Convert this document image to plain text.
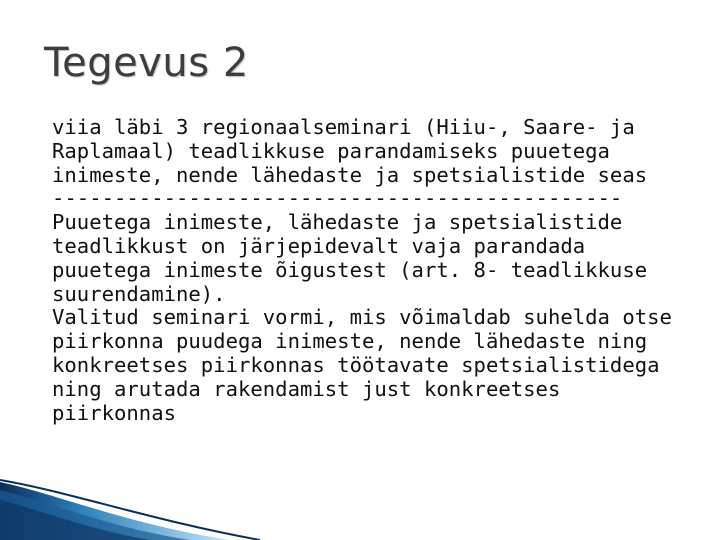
Tegevus 2

viia läbi 3 regionaalseminari (Hiiu-, Saare- ja Raplamaal) teadlikkuse parandamiseks puuetega inimeste, nende lähedaste ja spetsialistide seas

----------------------------------------------

Puuetega inimeste, lähedaste ja spetsialistide teadlikkust on järjepidevalt vaja parandada puuetega inimeste õigustest (art. 8- teadlikkuse suurendamine).

Valitud seminari vormi, mis võimaldab suhelda otse piirkonna puudega inimeste, nende lähedaste ning konkreetses piirkonnas töötavate spetsialistidega ning arutada rakendamist just konkreetses piirkonnas
